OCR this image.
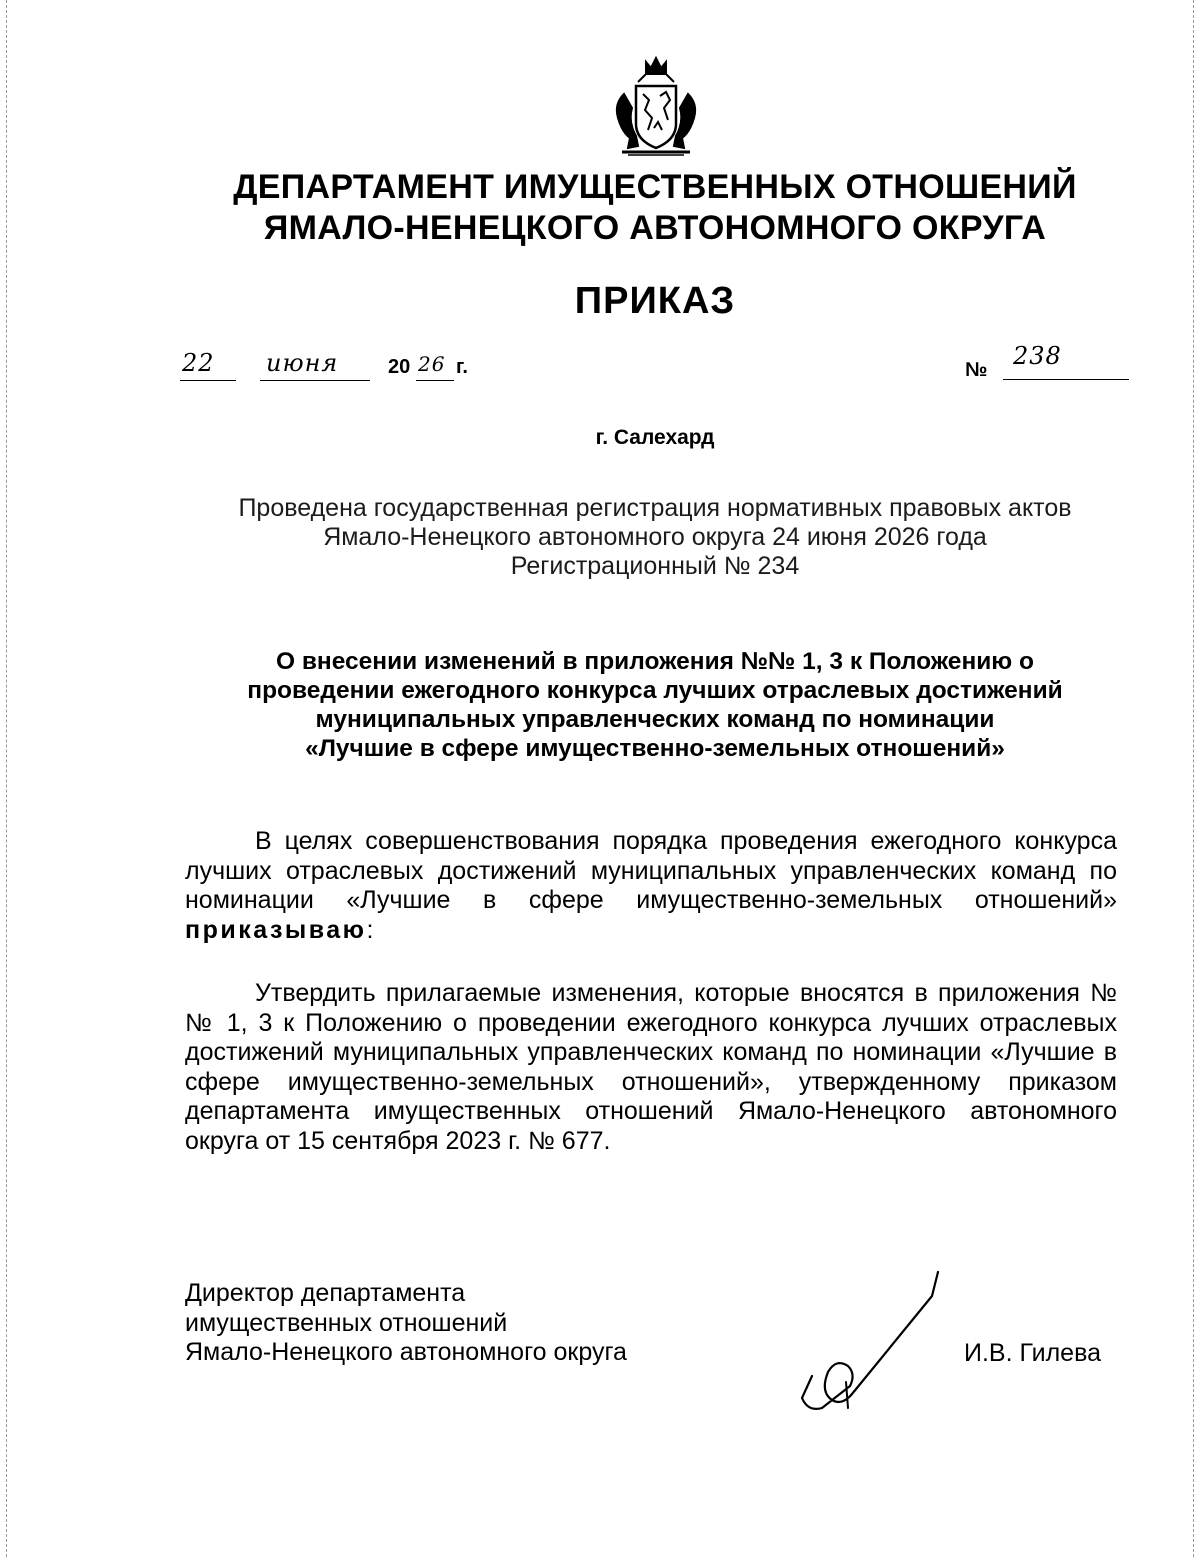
ДЕПАРТАМЕНТ ИМУЩЕСТВЕННЫХ ОТНОШЕНИЙ
ЯМАЛО-НЕНЕЦКОГО АВТОНОМНОГО ОКРУГА
ПРИКАЗ
22 июня 20 26 г.	№ 238
г. Салехард
Проведена государственная регистрация нормативных правовых актов
Ямало-Ненецкого автономного округа 24 июня 2026 года
Регистрационный № 234
О внесении изменений в приложения №№ 1, 3 к Положению о
проведении ежегодного конкурса лучших отраслевых достижений
муниципальных управленческих команд по номинации
«Лучшие в сфере имущественно-земельных отношений»
В целях совершенствования порядка проведения ежегодного конкурса лучших отраслевых достижений муниципальных управленческих команд по номинации «Лучшие в сфере имущественно-земельных отношений» приказываю:
Утвердить прилагаемые изменения, которые вносятся в приложения №№ 1, 3 к Положению о проведении ежегодного конкурса лучших отраслевых достижений муниципальных управленческих команд по номинации «Лучшие в сфере имущественно-земельных отношений», утвержденному приказом департамента имущественных отношений Ямало-Ненецкого автономного округа от 15 сентября 2023 г. № 677.
Директор департамента
имущественных отношений
Ямало-Ненецкого автономного округа	И.В. Гилева
